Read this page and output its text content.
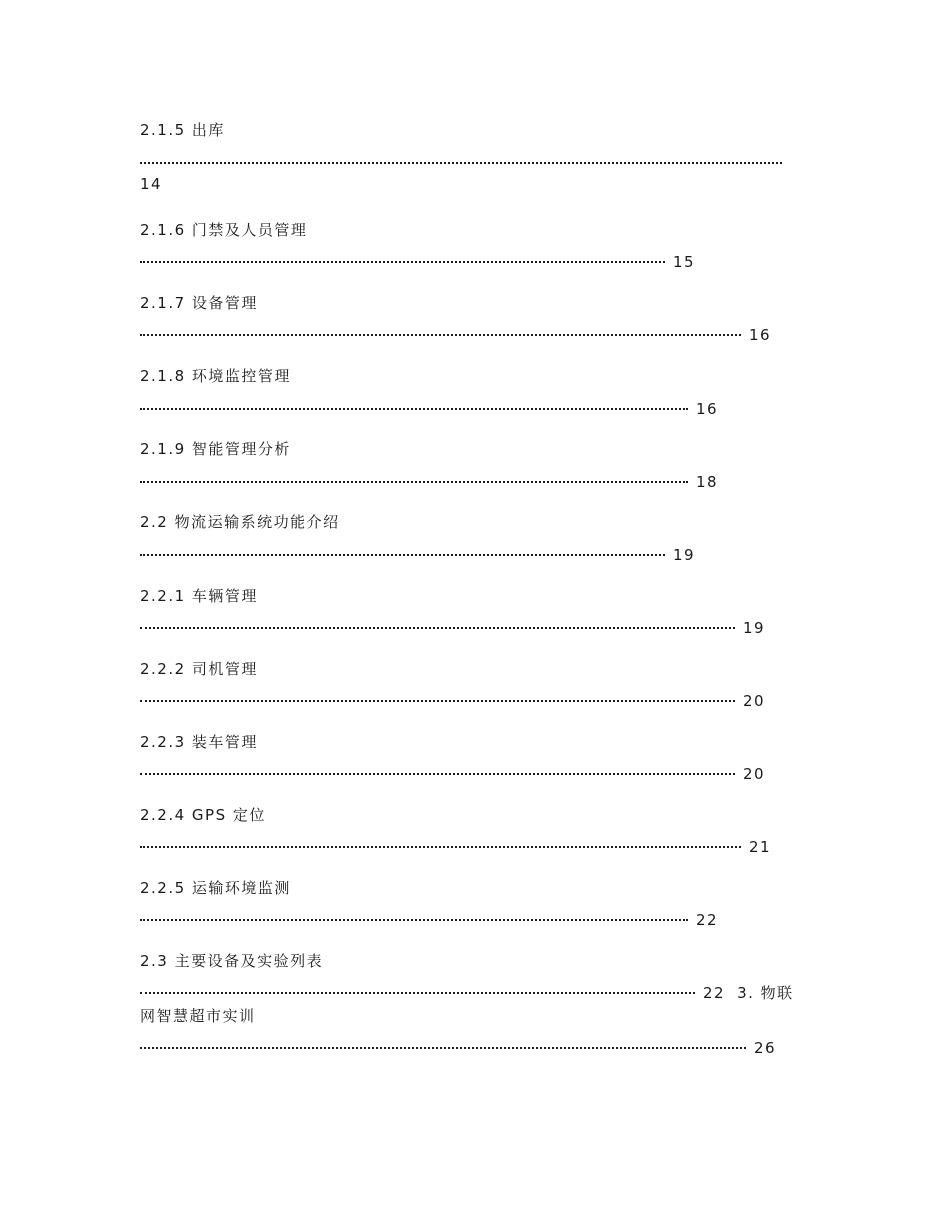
2.1.5 出库
14
2.1.6 门禁及人员管理
15
2.1.7 设备管理
16
2.1.8 环境监控管理
16
2.1.9 智能管理分析
18
2.2 物流运输系统功能介绍
19
2.2.1 车辆管理
19
2.2.2 司机管理
20
2.2.3 装车管理
20
2.2.4 GPS 定位
21
2.2.5 运输环境监测
22
2.3 主要设备及实验列表
22 3. 物联
网智慧超市实训
26
